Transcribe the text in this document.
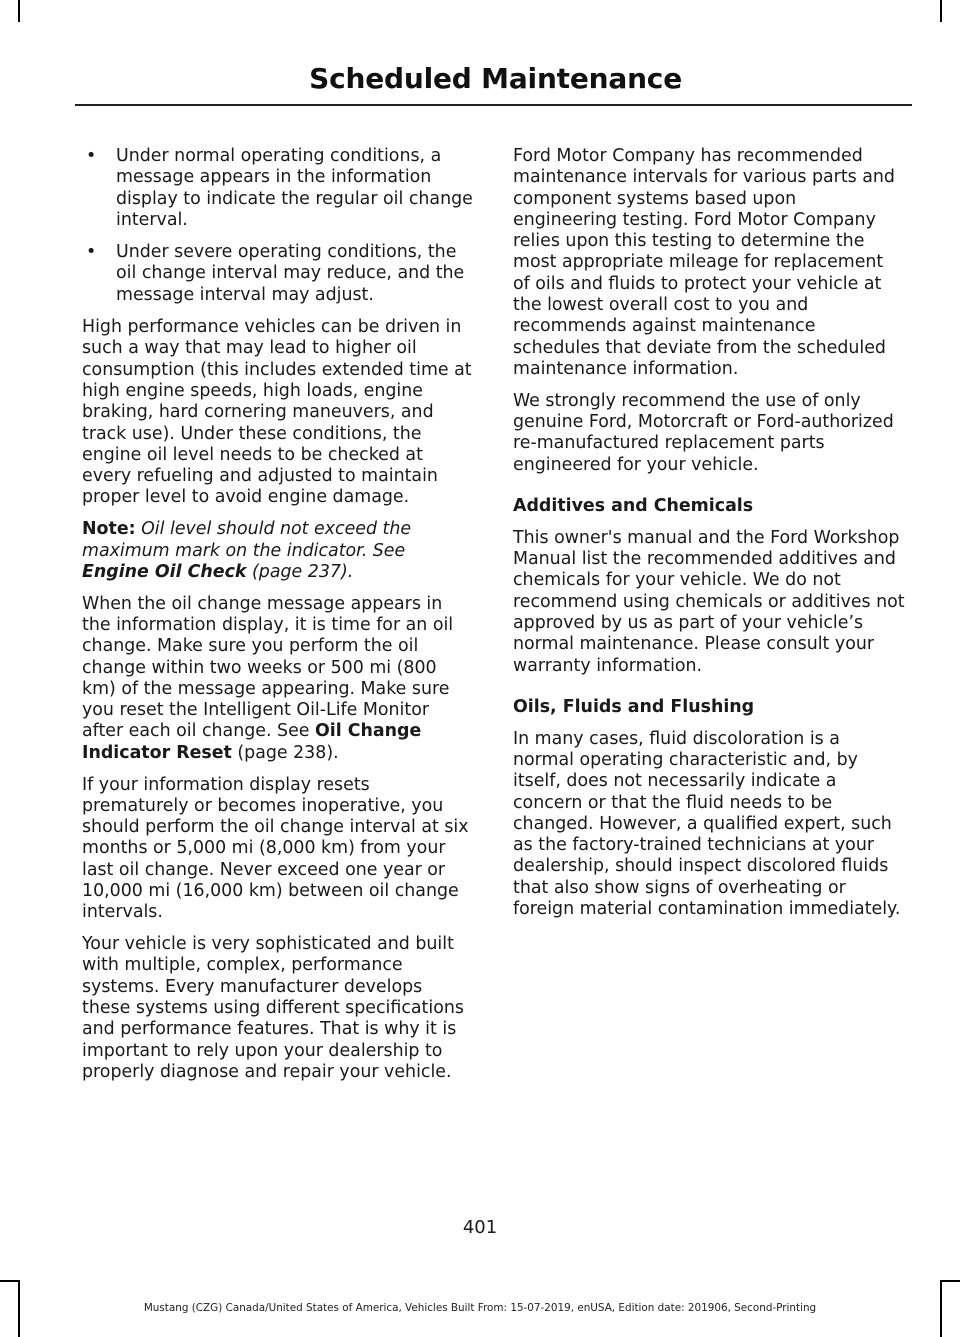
Scheduled Maintenance
• Under normal operating conditions, a message appears in the information display to indicate the regular oil change interval.
• Under severe operating conditions, the oil change interval may reduce, and the message interval may adjust.

High performance vehicles can be driven in such a way that may lead to higher oil consumption (this includes extended time at high engine speeds, high loads, engine braking, hard cornering maneuvers, and track use). Under these conditions, the engine oil level needs to be checked at every refueling and adjusted to maintain proper level to avoid engine damage.

Note: Oil level should not exceed the maximum mark on the indicator. See Engine Oil Check (page 237).

When the oil change message appears in the information display, it is time for an oil change. Make sure you perform the oil change within two weeks or 500 mi (800 km) of the message appearing. Make sure you reset the Intelligent Oil-Life Monitor after each oil change. See Oil Change Indicator Reset (page 238).

If your information display resets prematurely or becomes inoperative, you should perform the oil change interval at six months or 5,000 mi (8,000 km) from your last oil change. Never exceed one year or 10,000 mi (16,000 km) between oil change intervals.

Your vehicle is very sophisticated and built with multiple, complex, performance systems. Every manufacturer develops these systems using different specifications and performance features. That is why it is important to rely upon your dealership to properly diagnose and repair your vehicle.

Ford Motor Company has recommended maintenance intervals for various parts and component systems based upon engineering testing. Ford Motor Company relies upon this testing to determine the most appropriate mileage for replacement of oils and fluids to protect your vehicle at the lowest overall cost to you and recommends against maintenance schedules that deviate from the scheduled maintenance information.

We strongly recommend the use of only genuine Ford, Motorcraft or Ford-authorized re-manufactured replacement parts engineered for your vehicle.

Additives and Chemicals

This owner's manual and the Ford Workshop Manual list the recommended additives and chemicals for your vehicle. We do not recommend using chemicals or additives not approved by us as part of your vehicle’s normal maintenance. Please consult your warranty information.

Oils, Fluids and Flushing

In many cases, fluid discoloration is a normal operating characteristic and, by itself, does not necessarily indicate a concern or that the fluid needs to be changed. However, a qualified expert, such as the factory-trained technicians at your dealership, should inspect discolored fluids that also show signs of overheating or foreign material contamination immediately.

401
Mustang (CZG) Canada/United States of America, Vehicles Built From: 15-07-2019, enUSA, Edition date: 201906, Second-Printing
